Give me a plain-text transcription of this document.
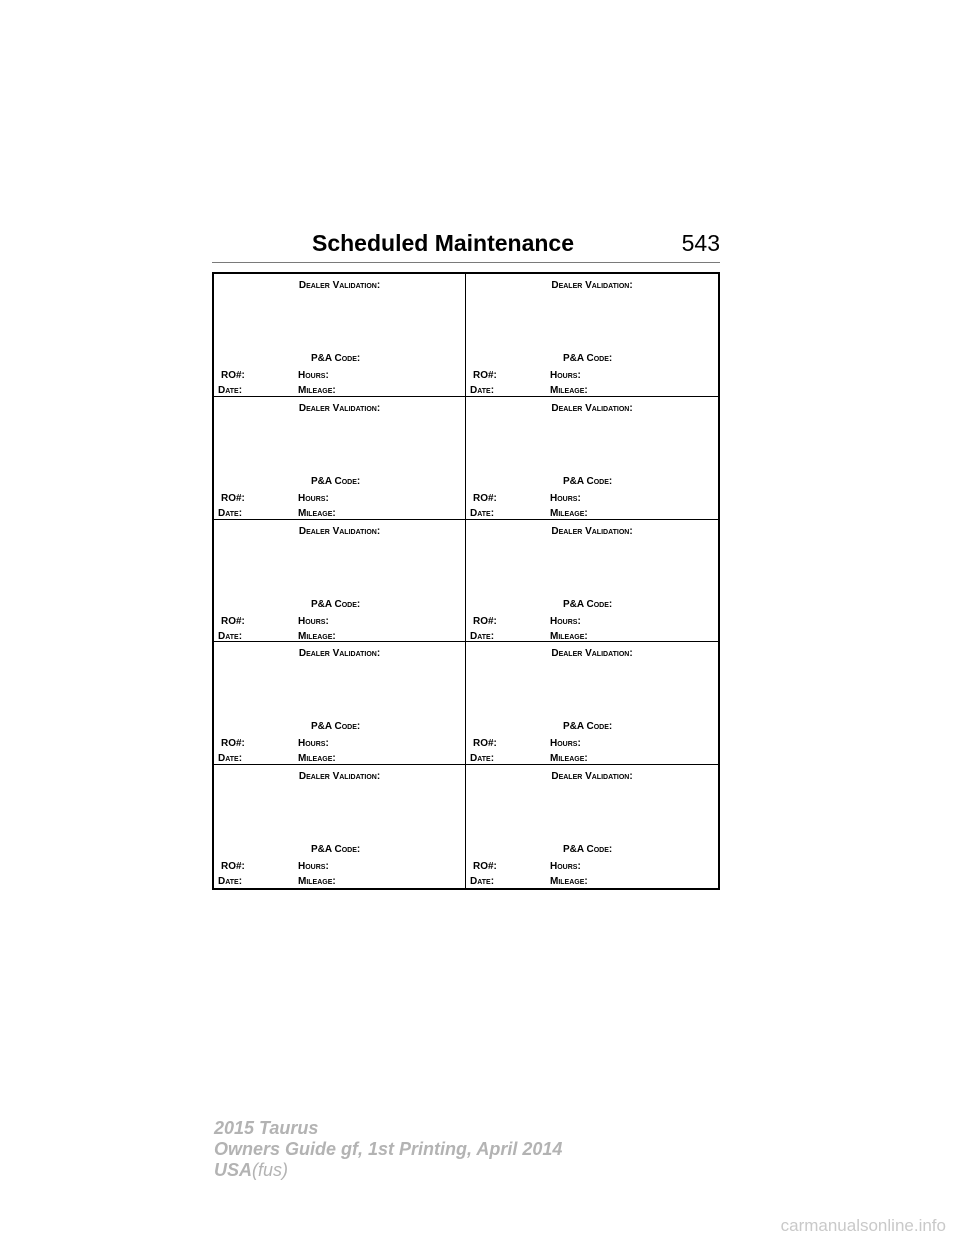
Scheduled Maintenance	543
Dealer Validation:
P&A Code:
RO#:	Hours:
Date:	Mileage:
Dealer Validation:
P&A Code:
RO#:	Hours:
Date:	Mileage:
Dealer Validation:
P&A Code:
RO#:	Hours:
Date:	Mileage:
Dealer Validation:
P&A Code:
RO#:	Hours:
Date:	Mileage:
Dealer Validation:
P&A Code:
RO#:	Hours:
Date:	Mileage:
Dealer Validation:
P&A Code:
RO#:	Hours:
Date:	Mileage:
Dealer Validation:
P&A Code:
RO#:	Hours:
Date:	Mileage:
Dealer Validation:
P&A Code:
RO#:	Hours:
Date:	Mileage:
Dealer Validation:
P&A Code:
RO#:	Hours:
Date:	Mileage:
Dealer Validation:
P&A Code:
RO#:	Hours:
Date:	Mileage:
2015 Taurus
Owners Guide gf, 1st Printing, April 2014
USA(fus)
carmanualsonline.info
